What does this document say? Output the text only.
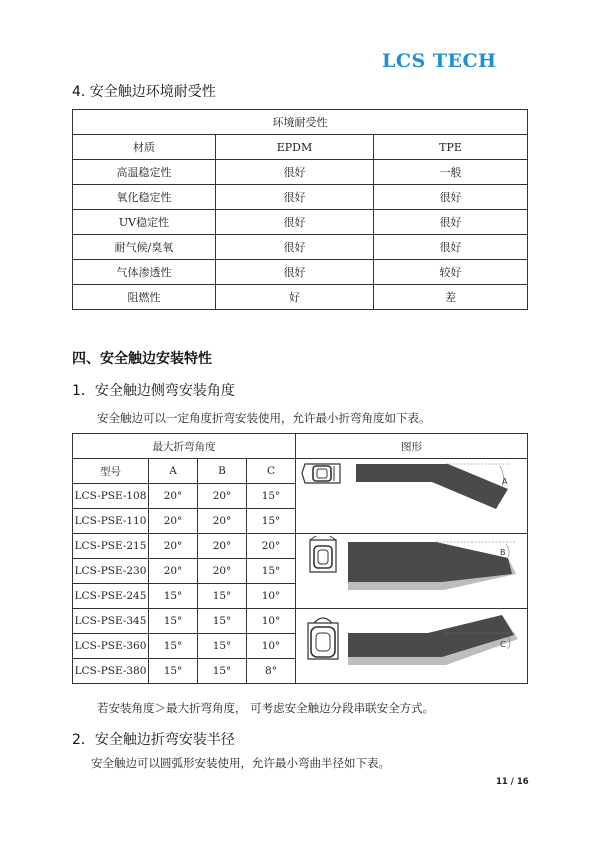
LCS TECH
4. 安全触边环境耐受性
环境耐受性		
材质	EPDM	TPE
高温稳定性	很好	一般
氧化稳定性	很好	很好
UV稳定性	很好	很好
耐气候/臭氧	很好	很好
气体渗透性	很好	较好
阻燃性	好	差
四、安全触边安装特性
1．安全触边侧弯安装角度
安全触边可以一定角度折弯安装使用，允许最小折弯角度如下表。
最大折弯角度				图形
型号	A	B	C	A

LCS-PSE-108	20°	20°	15°	
LCS-PSE-110	20°	20°	15°	
LCS-PSE-215	20°	20°	20°	B

LCS-PSE-230	20°	20°	15°	
LCS-PSE-245	15°	15°	10°	
LCS-PSE-345	15°	15°	10°	C

LCS-PSE-360	15°	15°	10°	
LCS-PSE-380	15°	15°	8°	
若安装角度＞最大折弯角度， 可考虑安全触边分段串联安全方式。
2．安全触边折弯安装半径
安全触边可以圆弧形安装使用，允许最小弯曲半径如下表。
11 / 16
